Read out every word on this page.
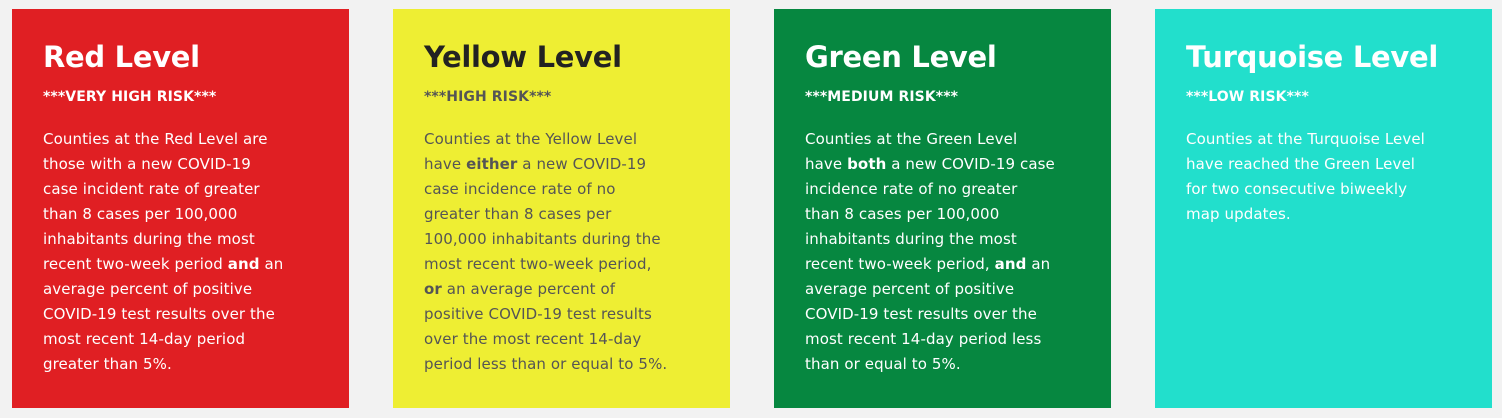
Red Level
***VERY HIGH RISK***
Counties at the Red Level are
those with a new COVID-19
case incident rate of greater
than 8 cases per 100,000
inhabitants during the most
recent two-week period and an
average percent of positive
COVID-19 test results over the
most recent 14-day period
greater than 5%.
Yellow Level
***HIGH RISK***
Counties at the Yellow Level
have either a new COVID-19
case incidence rate of no
greater than 8 cases per
100,000 inhabitants during the
most recent two-week period,
or an average percent of
positive COVID-19 test results
over the most recent 14-day
period less than or equal to 5%.
Green Level
***MEDIUM RISK***
Counties at the Green Level
have both a new COVID-19 case
incidence rate of no greater
than 8 cases per 100,000
inhabitants during the most
recent two-week period, and an
average percent of positive
COVID-19 test results over the
most recent 14-day period less
than or equal to 5%.
Turquoise Level
***LOW RISK***
Counties at the Turquoise Level
have reached the Green Level
for two consecutive biweekly
map updates.
